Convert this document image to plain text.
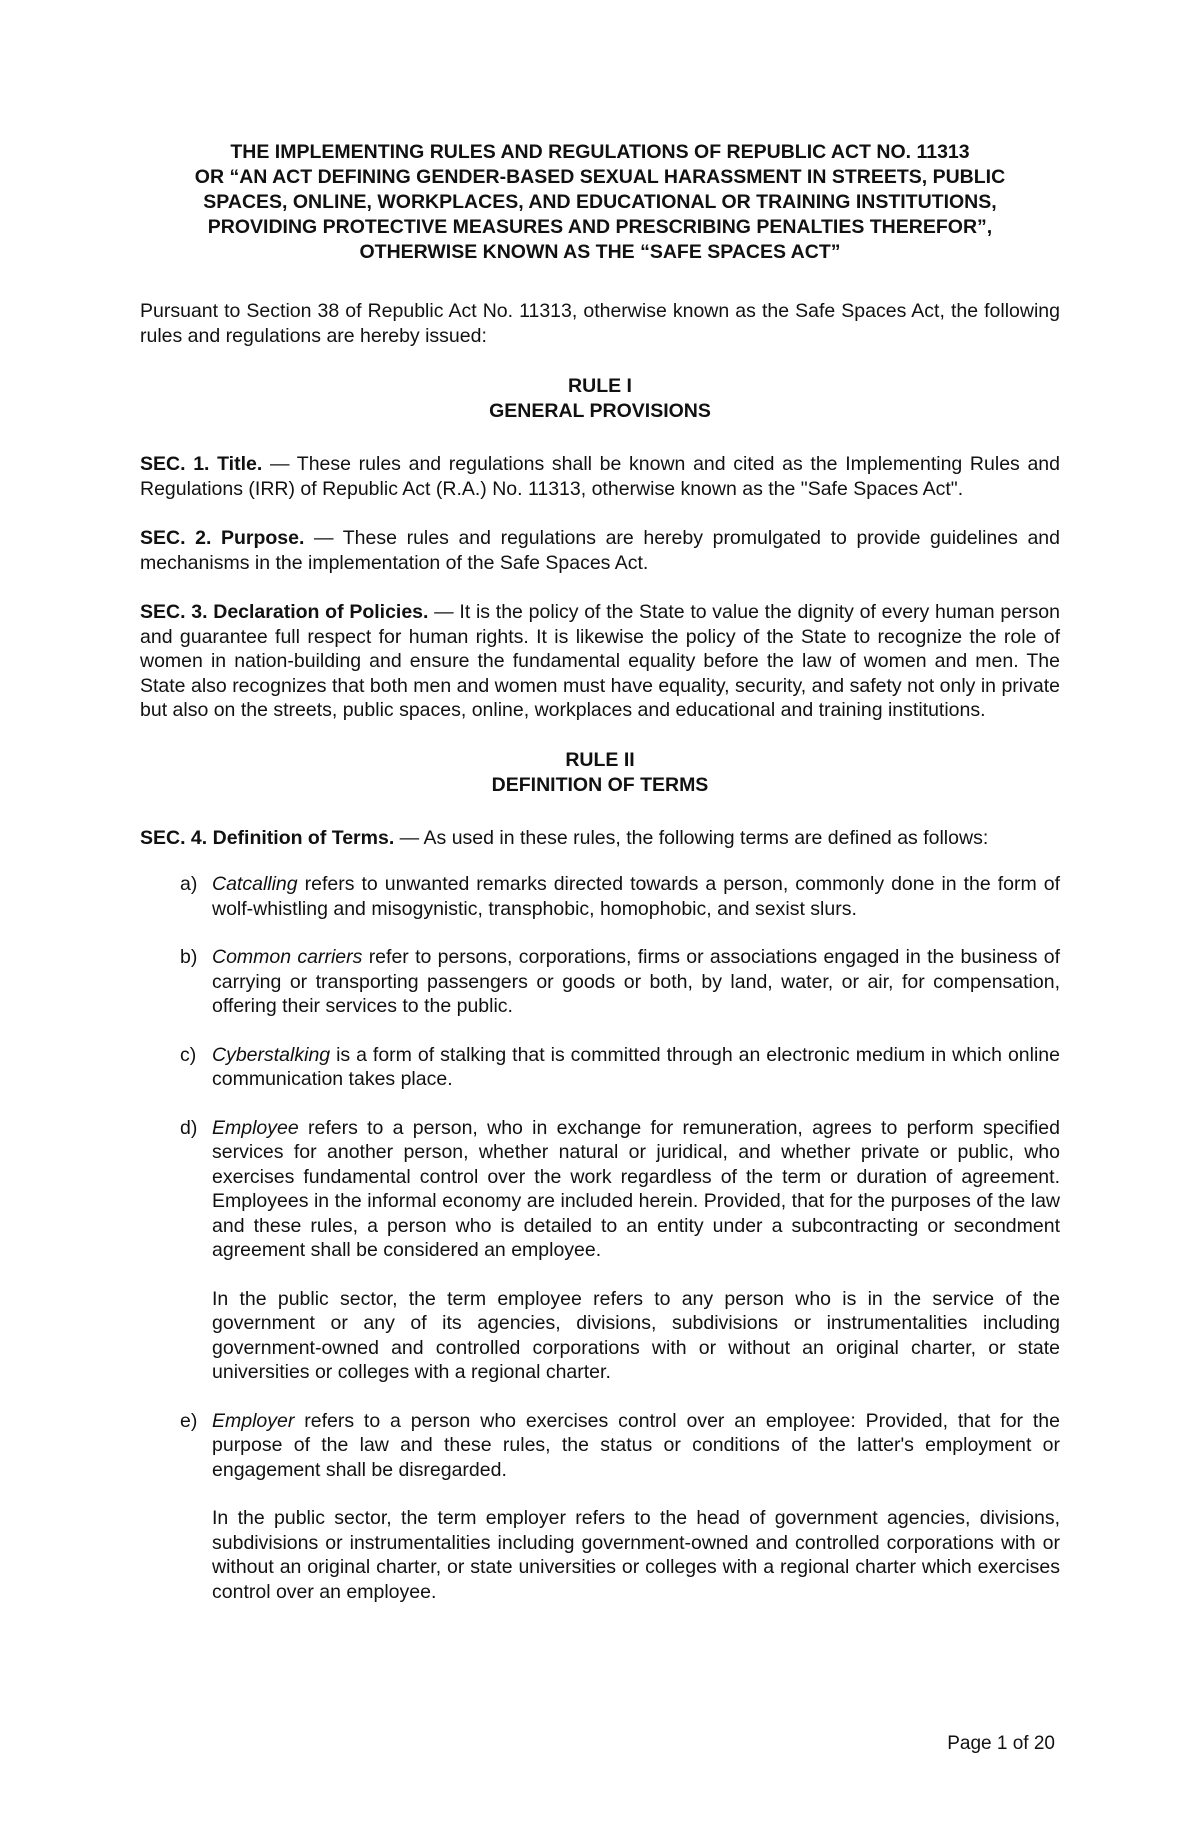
THE IMPLEMENTING RULES AND REGULATIONS OF REPUBLIC ACT NO. 11313
OR “AN ACT DEFINING GENDER-BASED SEXUAL HARASSMENT IN STREETS, PUBLIC
SPACES, ONLINE, WORKPLACES, AND EDUCATIONAL OR TRAINING INSTITUTIONS,
PROVIDING PROTECTIVE MEASURES AND PRESCRIBING PENALTIES THEREFOR”,
OTHERWISE KNOWN AS THE “SAFE SPACES ACT”

Pursuant to Section 38 of Republic Act No. 11313, otherwise known as the Safe Spaces Act, the following rules and regulations are hereby issued:

RULE I
GENERAL PROVISIONS

SEC. 1. Title. — These rules and regulations shall be known and cited as the Implementing Rules and Regulations (IRR) of Republic Act (R.A.) No. 11313, otherwise known as the "Safe Spaces Act".

SEC. 2. Purpose. — These rules and regulations are hereby promulgated to provide guidelines and mechanisms in the implementation of the Safe Spaces Act.

SEC. 3. Declaration of Policies. — It is the policy of the State to value the dignity of every human person and guarantee full respect for human rights. It is likewise the policy of the State to recognize the role of women in nation-building and ensure the fundamental equality before the law of women and men. The State also recognizes that both men and women must have equality, security, and safety not only in private but also on the streets, public spaces, online, workplaces and educational and training institutions.

RULE II
DEFINITION OF TERMS

SEC. 4. Definition of Terms. — As used in these rules, the following terms are defined as follows:

a) Catcalling refers to unwanted remarks directed towards a person, commonly done in the form of wolf-whistling and misogynistic, transphobic, homophobic, and sexist slurs.

b) Common carriers refer to persons, corporations, firms or associations engaged in the business of carrying or transporting passengers or goods or both, by land, water, or air, for compensation, offering their services to the public.

c) Cyberstalking is a form of stalking that is committed through an electronic medium in which online communication takes place.

d) Employee refers to a person, who in exchange for remuneration, agrees to perform specified services for another person, whether natural or juridical, and whether private or public, who exercises fundamental control over the work regardless of the term or duration of agreement. Employees in the informal economy are included herein. Provided, that for the purposes of the law and these rules, a person who is detailed to an entity under a subcontracting or secondment agreement shall be considered an employee.

In the public sector, the term employee refers to any person who is in the service of the government or any of its agencies, divisions, subdivisions or instrumentalities including government-owned and controlled corporations with or without an original charter, or state universities or colleges with a regional charter.

e) Employer refers to a person who exercises control over an employee: Provided, that for the purpose of the law and these rules, the status or conditions of the latter's employment or engagement shall be disregarded.

In the public sector, the term employer refers to the head of government agencies, divisions, subdivisions or instrumentalities including government-owned and controlled corporations with or without an original charter, or state universities or colleges with a regional charter which exercises control over an employee.

Page 1 of 20
